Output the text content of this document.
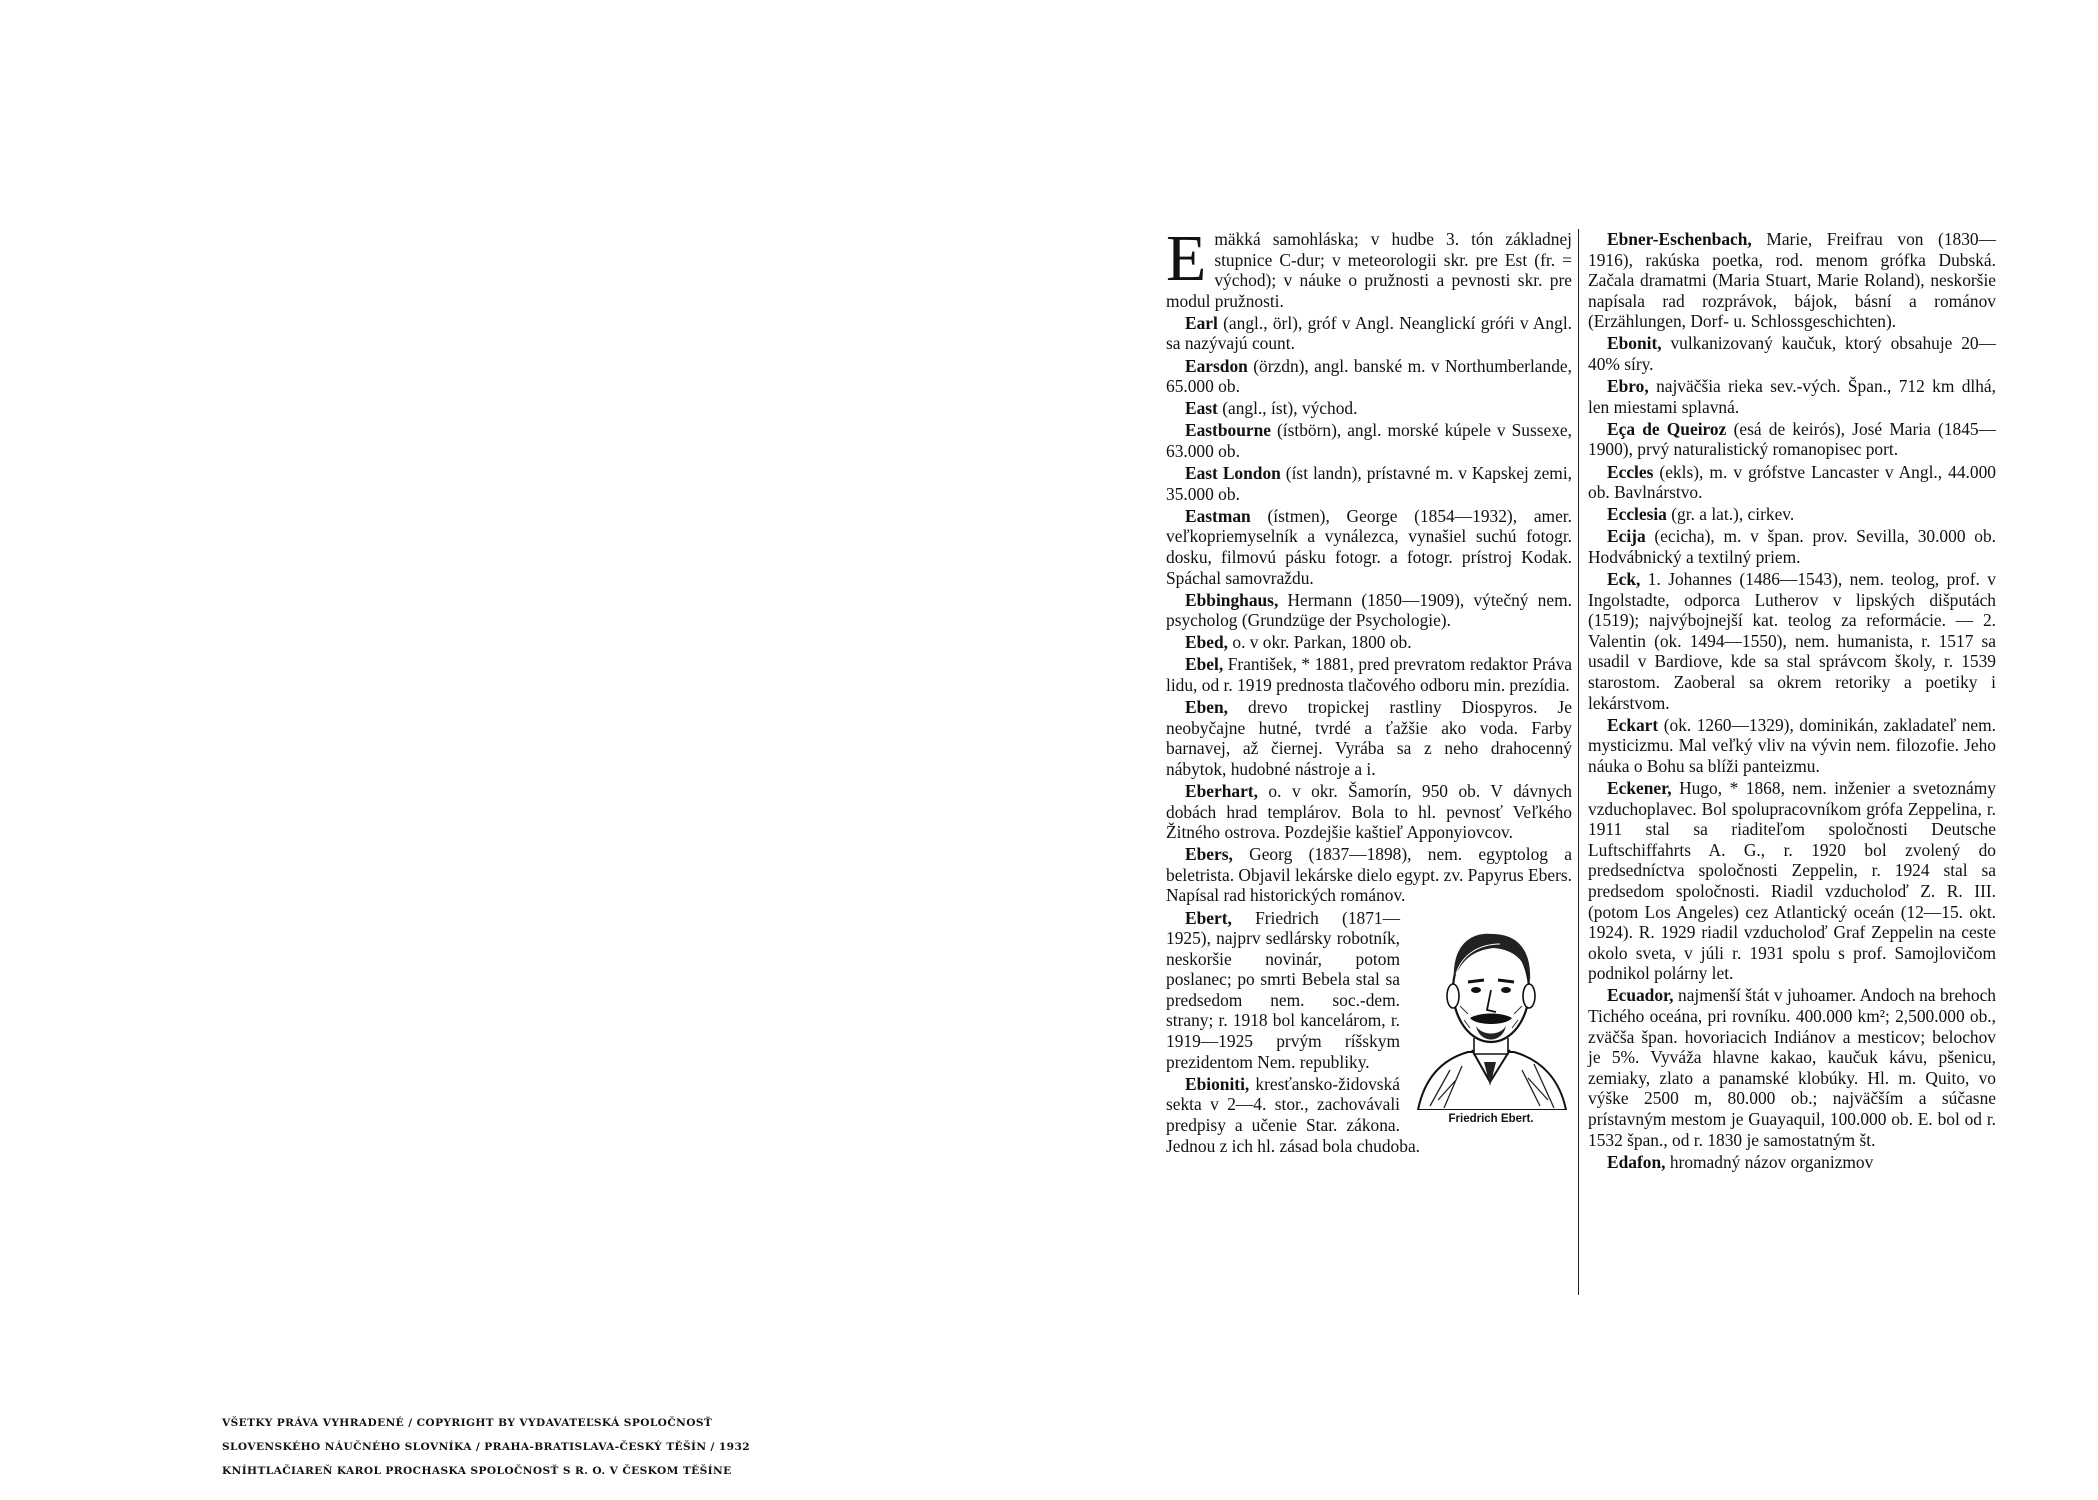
Emäkká samohláska; v hudbe 3. tón základnej stupnice C-dur; v meteorologii skr. pre Est (fr. = východ); v náuke o pružnosti a pevnosti skr. pre modul pružnosti.

Earl (angl., örl), gróf v Angl. Neanglickí gróŕi v Angl. sa nazývajú count.

Earsdon (örzdn), angl. banské m. v Northumberlande, 65.000 ob.

East (angl., íst), východ.

Eastbourne (ístbörn), angl. morské kúpele v Sussexe, 63.000 ob.

East London (íst landn), prístavné m. v Kapskej zemi, 35.000 ob.

Eastman (ístmen), George (1854—1932), amer. veľkopriemyselník a vynálezca, vynašiel suchú fotogr. dosku, filmovú pásku fotogr. a fotogr. prístroj Kodak. Spáchal samovraždu.

Ebbinghaus, Hermann (1850—1909), výtečný nem. psycholog (Grundzüge der Psychologie).

Ebed, o. v okr. Parkan, 1800 ob.

Ebel, František, * 1881, pred prevratom redaktor Práva lidu, od r. 1919 prednosta tlačového odboru min. prezídia.

Eben, drevo tropickej rastliny Diospyros. Je neobyčajne hutné, tvrdé a ťažšie ako voda. Farby barnavej, až čiernej. Vyrába sa z neho drahocenný nábytok, hudobné nástroje a i.

Eberhart, o. v okr. Šamorín, 950 ob. V dávnych dobách hrad templárov. Bola to hl. pevnosť Veľkého Žitného ostrova. Pozdejšie kaštieľ Apponyiovcov.

Ebers, Georg (1837—1898), nem. egyptolog a beletrista. Objavil lekárske dielo egypt. zv. Papyrus Ebers. Napísal rad historických románov.

Friedrich Ebert.

Ebert, Friedrich (1871—1925), najprv sedlársky robotník, neskoršie novinár, potom poslanec; po smrti Bebela stal sa predsedom nem. soc.-dem. strany; r. 1918 bol kancelárom, r. 1919—1925 prvým ríšskym prezidentom Nem. republiky.

Ebioniti, kresťansko-židovská sekta v 2—4. stor., zachovávali predpisy a učenie Star. zákona. Jednou z ich hl. zásad bola chudoba.

Ebner-Eschenbach, Marie, Freifrau von (1830—1916), rakúska poetka, rod. menom grófka Dubská. Začala dramatmi (Maria Stuart, Marie Roland), neskoršie napísala rad rozprávok, bájok, básní a románov (Erzählungen, Dorf- u. Schlossgeschichten).

Ebonit, vulkanizovaný kaučuk, ktorý obsahuje 20—40% síry.

Ebro, najväčšia rieka sev.-vých. Špan., 712 km dlhá, len miestami splavná.

Eça de Queiroz (esá de keirós), José Maria (1845—1900), prvý naturalistický romanopisec port.

Eccles (ekls), m. v grófstve Lancaster v Angl., 44.000 ob. Bavlnárstvo.

Ecclesia (gr. a lat.), cirkev.

Ecija (ecicha), m. v špan. prov. Sevilla, 30.000 ob. Hodvábnický a textilný priem.

Eck, 1. Johannes (1486—1543), nem. teolog, prof. v Ingolstadte, odporca Lutherov v lipských dišputách (1519); najvýbojnejší kat. teolog za reformácie. — 2. Valentin (ok. 1494—1550), nem. humanista, r. 1517 sa usadil v Bardiove, kde sa stal správcom školy, r. 1539 starostom. Zaoberal sa okrem retoriky a poetiky i lekárstvom.

Eckart (ok. 1260—1329), dominikán, zakladateľ nem. mysticizmu. Mal veľký vliv na vývin nem. filozofie. Jeho náuka o Bohu sa blíži panteizmu.

Eckener, Hugo, * 1868, nem. inženier a svetoznámy vzduchoplavec. Bol spolupracovníkom grófa Zeppelina, r. 1911 stal sa riaditeľom spoločnosti Deutsche Luftschiffahrts A. G., r. 1920 bol zvolený do predsedníctva spoločnosti Zeppelin, r. 1924 stal sa predsedom spoločnosti. Riadil vzducholoď Z. R. III. (potom Los Angeles) cez Atlantický oceán (12—15. okt. 1924). R. 1929 riadil vzducholoď Graf Zeppelin na ceste okolo sveta, v júli r. 1931 spolu s prof. Samojlovičom podnikol polárny let.

Ecuador, najmenší štát v juhoamer. Andoch na brehoch Tichého oceána, pri rovníku. 400.000 km²; 2,500.000 ob., zväčša špan. hovoriacich Indiánov a mesticov; belochov je 5%. Vyváža hlavne kakao, kaučuk kávu, pšenicu, zemiaky, zlato a panamské klobúky. Hl. m. Quito, vo výške 2500 m, 80.000 ob.; najväčším a súčasne prístavným mestom je Guayaquil, 100.000 ob. E. bol od r. 1532 špan., od r. 1830 je samostatným št.

Edafon, hromadný názov organizmov

VŠETKY PRÁVA VYHRADENÉ / COPYRIGHT BY VYDAVATEĽSKÁ SPOLOČNOSŤ
SLOVENSKÉHO NÁUČNÉHO SLOVNÍKA / PRAHA-BRATISLAVA-ČESKÝ TĚŠÍN / 1932
KNÍHTLAČIAREŇ KAROL PROCHASKA SPOLOČNOSŤ S R. O. V ČESKOM TĚŠÍNE
